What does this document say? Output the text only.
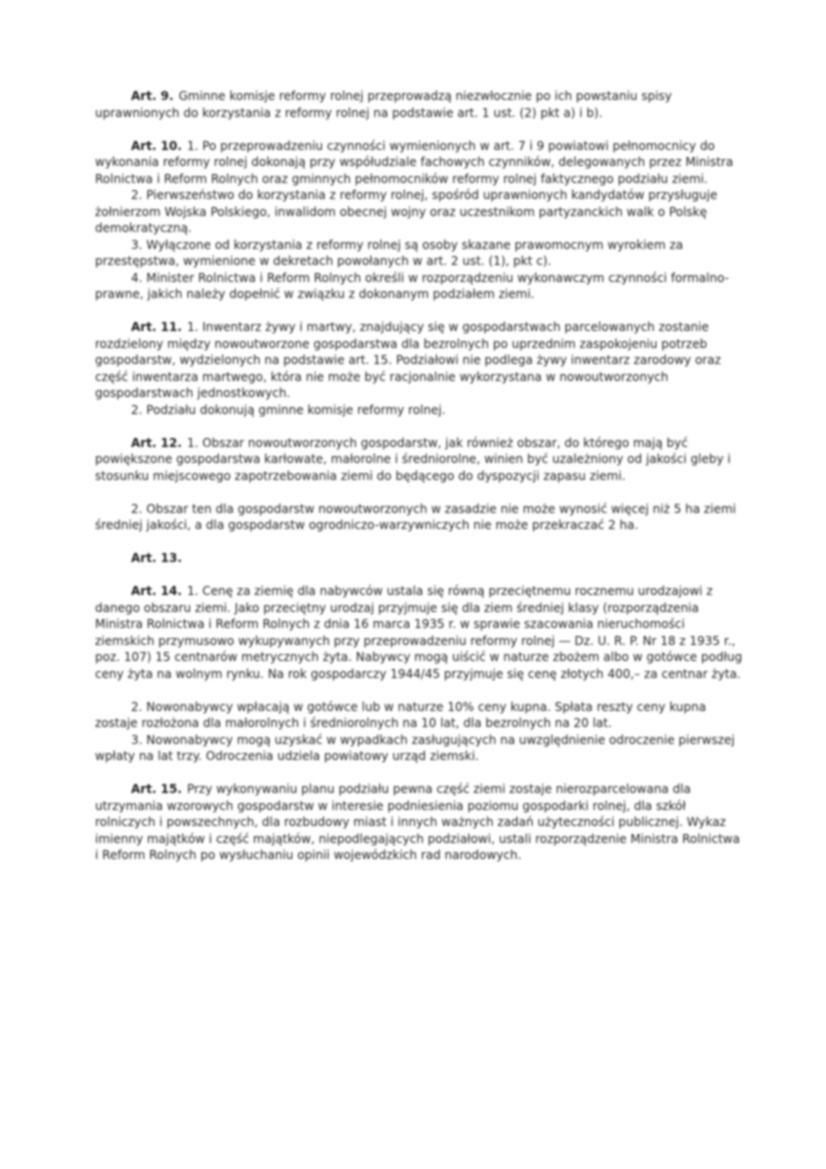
Art. 9. Gminne komisje reformy rolnej przeprowadzą niezwłocznie po ich powstaniu spisy uprawnionych do korzystania z reformy rolnej na podstawie art. 1 ust. (2) pkt a) i b).

Art. 10. 1. Po przeprowadzeniu czynności wymienionych w art. 7 i 9 powiatowi pełnomocnicy do wykonania reformy rolnej dokonają przy współudziale fachowych czynników, delegowanych przez Ministra Rolnictwa i Reform Rolnych oraz gminnych pełnomocników reformy rolnej faktycznego podziału ziemi.

2. Pierwszeństwo do korzystania z reformy rolnej, spośród uprawnionych kandydatów przysługuje żołnierzom Wojska Polskiego, inwalidom obecnej wojny oraz uczestnikom partyzanckich walk o Polskę demokratyczną.

3. Wyłączone od korzystania z reformy rolnej są osoby skazane prawomocnym wyrokiem za przestępstwa, wymienione w dekretach powołanych w art. 2 ust. (1), pkt c).

4. Minister Rolnictwa i Reform Rolnych określi w rozporządzeniu wykonawczym czynności formalno-prawne, jakich należy dopełnić w związku z dokonanym podziałem ziemi.

Art. 11. 1. Inwentarz żywy i martwy, znajdujący się w gospodarstwach parcelowanych zostanie rozdzielony między nowoutworzone gospodarstwa dla bezrolnych po uprzednim zaspokojeniu potrzeb gospodarstw, wydzielonych na podstawie art. 15. Podziałowi nie podlega żywy inwentarz zarodowy oraz część inwentarza martwego, która nie może być racjonalnie wykorzystana w nowoutworzonych gospodarstwach jednostkowych.

2. Podziału dokonują gminne komisje reformy rolnej.

Art. 12. 1. Obszar nowoutworzonych gospodarstw, jak również obszar, do którego mają być powiększone gospodarstwa karłowate, małorolne i średniorolne, winien być uzależniony od jakości gleby i stosunku miejscowego zapotrzebowania ziemi do będącego do dyspozycji zapasu ziemi.

2. Obszar ten dla gospodarstw nowoutworzonych w zasadzie nie może wynosić więcej niż 5 ha ziemi średniej jakości, a dla gospodarstw ogrodniczo-warzywniczych nie może przekraczać 2 ha.

Art. 13.

Art. 14. 1. Cenę za ziemię dla nabywców ustala się równą przeciętnemu rocznemu urodzajowi z danego obszaru ziemi. Jako przeciętny urodzaj przyjmuje się dla ziem średniej klasy (rozporządzenia Ministra Rolnictwa i Reform Rolnych z dnia 16 marca 1935 r. w sprawie szacowania nieruchomości ziemskich przymusowo wykupywanych przy przeprowadzeniu reformy rolnej — Dz. U. R. P. Nr 18 z 1935 r., poz. 107) 15 centnarów metrycznych żyta. Nabywcy mogą uiścić w naturze zbożem albo w gotówce podług ceny żyta na wolnym rynku. Na rok gospodarczy 1944/45 przyjmuje się cenę złotych 400,– za centnar żyta.

2. Nowonabywcy wpłacają w gotówce lub w naturze 10% ceny kupna. Spłata reszty ceny kupna zostaje rozłożona dla małorolnych i średniorolnych na 10 lat, dla bezrolnych na 20 lat.

3. Nowonabywcy mogą uzyskać w wypadkach zasługujących na uwzględnienie odroczenie pierwszej wpłaty na lat trzy. Odroczenia udziela powiatowy urząd ziemski.

Art. 15. Przy wykonywaniu planu podziału pewna część ziemi zostaje nierozparcelowana dla utrzymania wzorowych gospodarstw w interesie podniesienia poziomu gospodarki rolnej, dla szkół rolniczych i powszechnych, dla rozbudowy miast i innych ważnych zadań użyteczności publicznej. Wykaz imienny majątków i część majątków, niepodlegających podziałowi, ustali rozporządzenie Ministra Rolnictwa i Reform Rolnych po wysłuchaniu opinii wojewódzkich rad narodowych.
